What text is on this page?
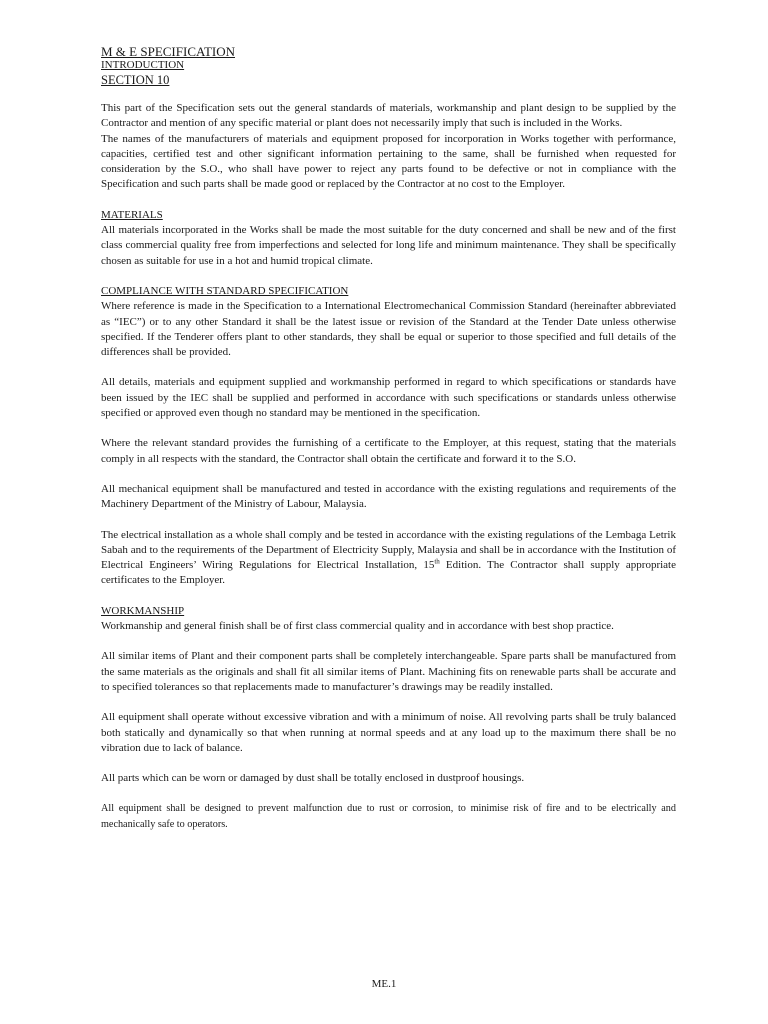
M & E SPECIFICATION
INTRODUCTION
SECTION 10

This part of the Specification sets out the general standards of materials, workmanship and plant design to be supplied by the Contractor and mention of any specific material or plant does not necessarily imply that such is included in the Works.

The names of the manufacturers of materials and equipment proposed for incorporation in Works together with performance, capacities, certified test and other significant information pertaining to the same, shall be furnished when requested for consideration by the S.O., who shall have power to reject any parts found to be defective or not in compliance with the Specification and such parts shall be made good or replaced by the Contractor at no cost to the Employer.

MATERIALS

All materials incorporated in the Works shall be made the most suitable for the duty concerned and shall be new and of the first class commercial quality free from imperfections and selected for long life and minimum maintenance. They shall be specifically chosen as suitable for use in a hot and humid tropical climate.

COMPLIANCE WITH STANDARD SPECIFICATION

Where reference is made in the Specification to a International Electromechanical Commission Standard (hereinafter abbreviated as “IEC”) or to any other Standard it shall be the latest issue or revision of the Standard at the Tender Date unless otherwise specified. If the Tenderer offers plant to other standards, they shall be equal or superior to those specified and full details of the differences shall be provided.

All details, materials and equipment supplied and workmanship performed in regard to which specifications or standards have been issued by the IEC shall be supplied and performed in accordance with such specifications or standards unless otherwise specified or approved even though no standard may be mentioned in the specification.

Where the relevant standard provides the furnishing of a certificate to the Employer, at this request, stating that the materials comply in all respects with the standard, the Contractor shall obtain the certificate and forward it to the S.O.

All mechanical equipment shall be manufactured and tested in accordance with the existing regulations and requirements of the Machinery Department of the Ministry of Labour, Malaysia.

The electrical installation as a whole shall comply and be tested in accordance with the existing regulations of the Lembaga Letrik Sabah and to the requirements of the Department of Electricity Supply, Malaysia and shall be in accordance with the Institution of Electrical Engineers’ Wiring Regulations for Electrical Installation, 15th Edition. The Contractor shall supply appropriate certificates to the Employer.

WORKMANSHIP

Workmanship and general finish shall be of first class commercial quality and in accordance with best shop practice.

All similar items of Plant and their component parts shall be completely interchangeable. Spare parts shall be manufactured from the same materials as the originals and shall fit all similar items of Plant. Machining fits on renewable parts shall be accurate and to specified tolerances so that replacements made to manufacturer’s drawings may be readily installed.

All equipment shall operate without excessive vibration and with a minimum of noise. All revolving parts shall be truly balanced both statically and dynamically so that when running at normal speeds and at any load up to the maximum there shall be no vibration due to lack of balance.

All parts which can be worn or damaged by dust shall be totally enclosed in dustproof housings.

All equipment shall be designed to prevent malfunction due to rust or corrosion, to minimise risk of fire and to be electrically and mechanically safe to operators.

ME.1
